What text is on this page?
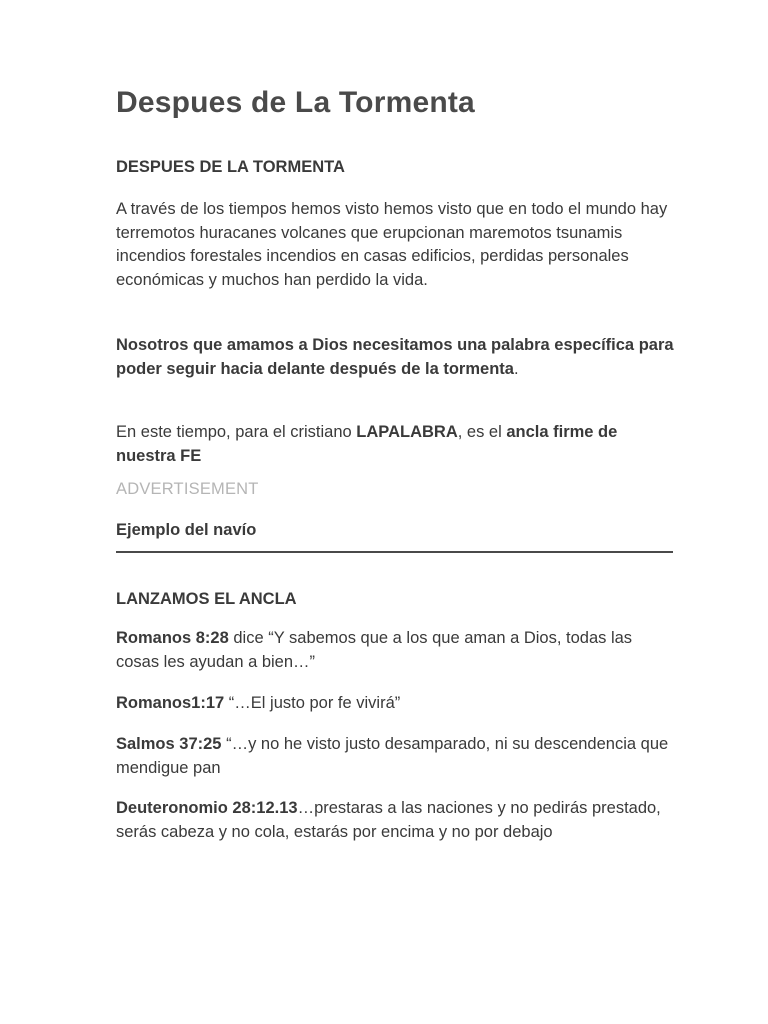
Despues de La Tormenta

DESPUES DE LA TORMENTA

A través de los tiempos hemos visto hemos visto que en todo el mundo hay terremotos huracanes volcanes que erupcionan maremotos tsunamis incendios forestales incendios en casas edificios, perdidas personales económicas y muchos han perdido la vida.

Nosotros que amamos a Dios necesitamos una palabra específica para poder seguir hacia delante después de la tormenta.

En este tiempo, para el cristiano LAPALABRA, es el ancla firme de nuestra FE

ADVERTISEMENT

Ejemplo del navío

LANZAMOS EL ANCLA

Romanos 8:28 dice “Y sabemos que a los que aman a Dios, todas las cosas les ayudan a bien…”

Romanos1:17 “…El justo por fe vivirá”

Salmos 37:25 “…y no he visto justo desamparado, ni su descendencia que mendigue pan

Deuteronomio 28:12.13…prestaras a las naciones y no pedirás prestado, serás cabeza y no cola, estarás por encima y no por debajo
